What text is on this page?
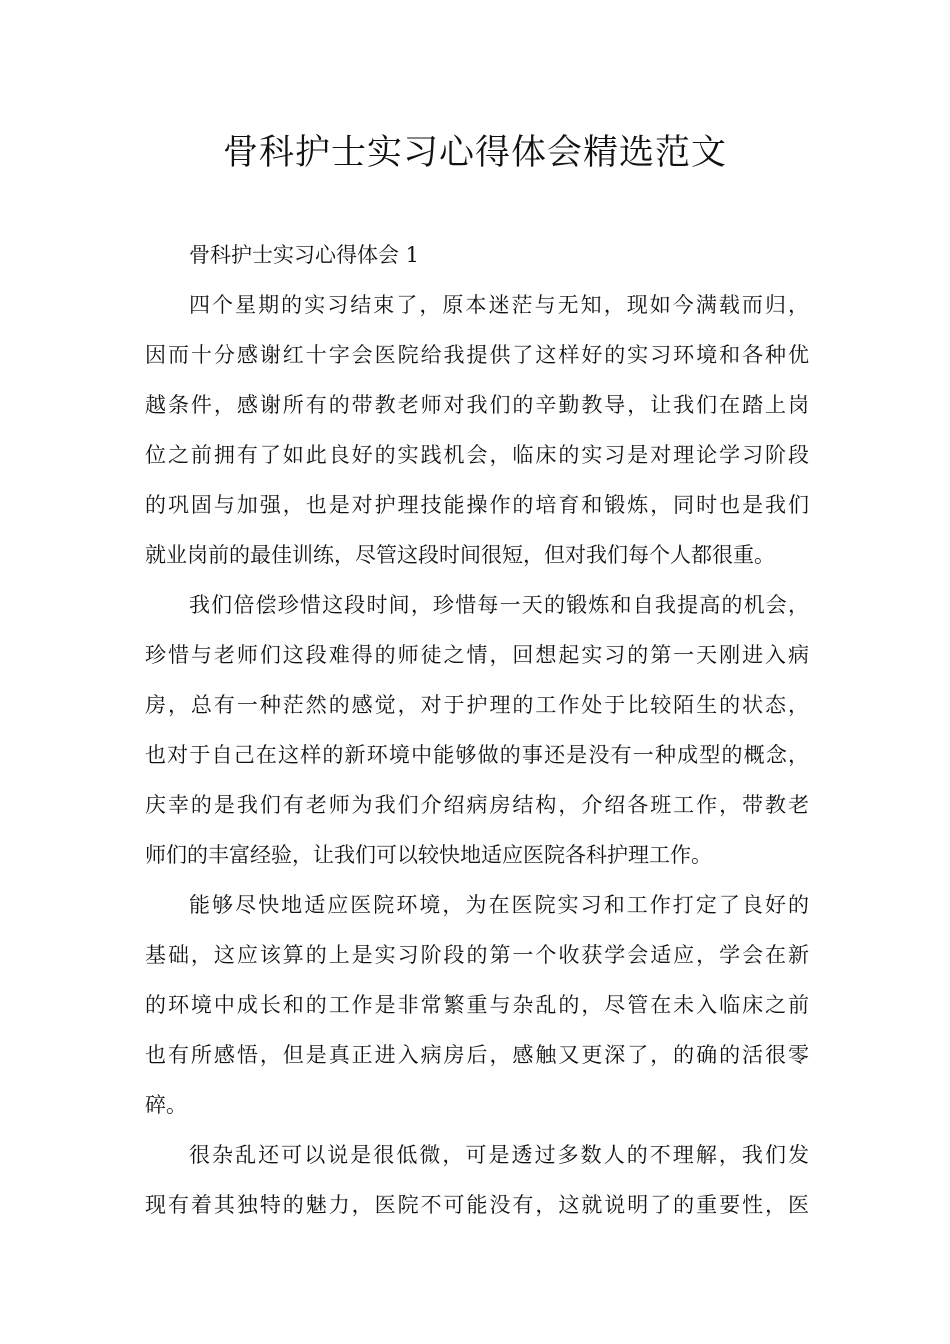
骨科护士实习心得体会精选范文
骨科护士实习心得体会 1
四个星期的实习结束了，原本迷茫与无知，现如今满载而归，
因而十分感谢红十字会医院给我提供了这样好的实习环境和各种优
越条件，感谢所有的带教老师对我们的辛勤教导，让我们在踏上岗
位之前拥有了如此良好的实践机会，临床的实习是对理论学习阶段
的巩固与加强，也是对护理技能操作的培育和锻炼，同时也是我们
就业岗前的最佳训练，尽管这段时间很短，但对我们每个人都很重。
我们倍偿珍惜这段时间，珍惜每一天的锻炼和自我提高的机会，
珍惜与老师们这段难得的师徒之情，回想起实习的第一天刚进入病
房，总有一种茫然的感觉，对于护理的工作处于比较陌生的状态，
也对于自己在这样的新环境中能够做的事还是没有一种成型的概念，
庆幸的是我们有老师为我们介绍病房结构，介绍各班工作，带教老
师们的丰富经验，让我们可以较快地适应医院各科护理工作。
能够尽快地适应医院环境，为在医院实习和工作打定了良好的
基础，这应该算的上是实习阶段的第一个收获学会适应，学会在新
的环境中成长和的工作是非常繁重与杂乱的，尽管在未入临床之前
也有所感悟，但是真正进入病房后，感触又更深了，的确的活很零
碎。
很杂乱还可以说是很低微，可是透过多数人的不理解，我们发
现有着其独特的魅力，医院不可能没有，这就说明了的重要性，医
